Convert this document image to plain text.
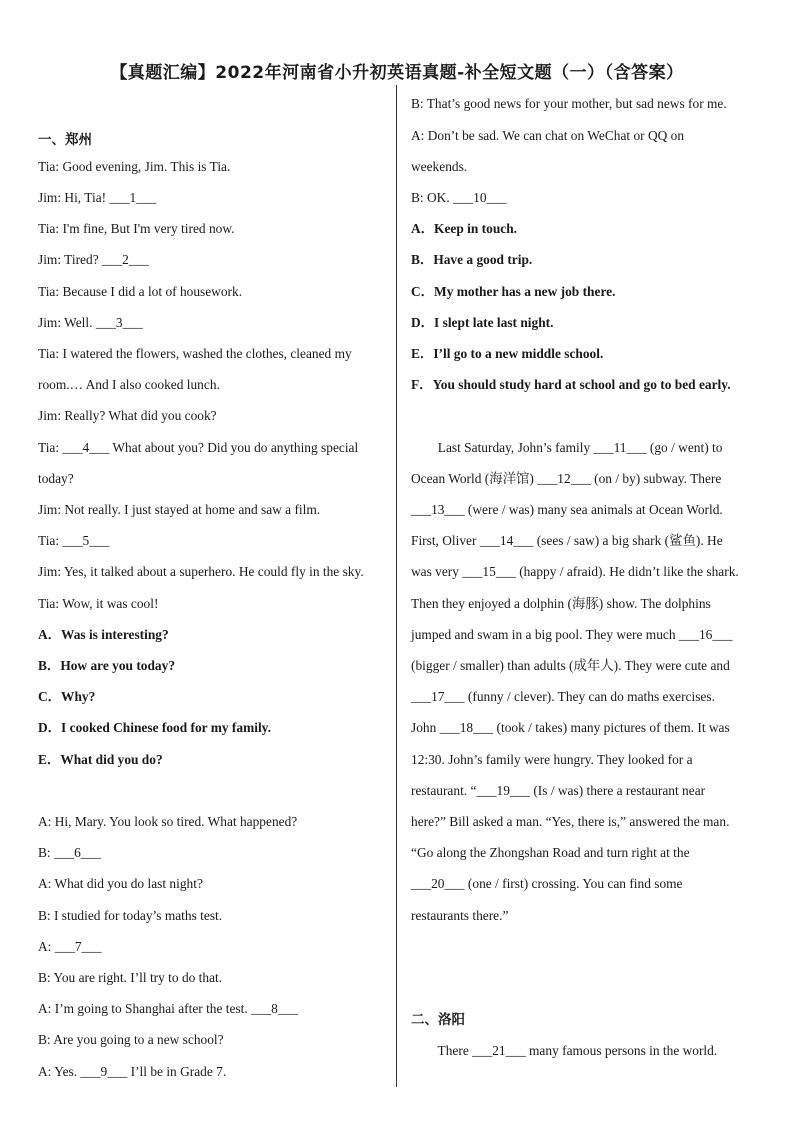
【真题汇编】2022年河南省小升初英语真题-补全短文题（一）（含答案）
一、郑州
Tia: Good evening, Jim. This is Tia.
Jim: Hi, Tia! ___1___
Tia: I'm fine, But I'm very tired now.
Jim: Tired? ___2___
Tia: Because I did a lot of housework.
Jim: Well. ___3___
Tia: I watered the flowers, washed the clothes, cleaned my
room.… And I also cooked lunch.
Jim: Really? What did you cook?
Tia: ___4___ What about you? Did you do anything special
today?
Jim: Not really. I just stayed at home and saw a film.
Tia: ___5___
Jim: Yes, it talked about a superhero. He could fly in the sky.
Tia: Wow, it was cool!
A．Was is interesting?
B．How are you today?
C．Why?
D．I cooked Chinese food for my family.
E．What did you do?
A: Hi, Mary. You look so tired. What happened?
B: ___6___
A: What did you do last night?
B: I studied for today’s maths test.
A: ___7___
B: You are right. I’ll try to do that.
A: I’m going to Shanghai after the test. ___8___
B: Are you going to a new school?
A: Yes. ___9___ I’ll be in Grade 7.
B: That’s good news for your mother, but sad news for me.
A: Don’t be sad. We can chat on WeChat or QQ on
weekends.
B: OK. ___10___
A．Keep in touch.
B．Have a good trip.
C．My mother has a new job there.
D．I slept late last night.
E．I’ll go to a new middle school.
F．You should study hard at school and go to bed early.
Last Saturday, John’s family ___11___ (go / went) to
Ocean World (海洋馆) ___12___ (on / by) subway. There
___13___ (were / was) many sea animals at Ocean World.
First, Oliver ___14___ (sees / saw) a big shark (鲨鱼). He
was very ___15___ (happy / afraid). He didn’t like the shark.
Then they enjoyed a dolphin (海豚) show. The dolphins
jumped and swam in a big pool. They were much ___16___
(bigger / smaller) than adults (成年人). They were cute and
___17___ (funny / clever). They can do maths exercises.
John ___18___ (took / takes) many pictures of them. It was
12:30. John’s family were hungry. They looked for a
restaurant. “___19___ (Is / was) there a restaurant near
here?” Bill asked a man. “Yes, there is,” answered the man.
“Go along the Zhongshan Road and turn right at the
___20___ (one / first) crossing. You can find some
restaurants there.”
二、洛阳
There ___21___ many famous persons in the world.
